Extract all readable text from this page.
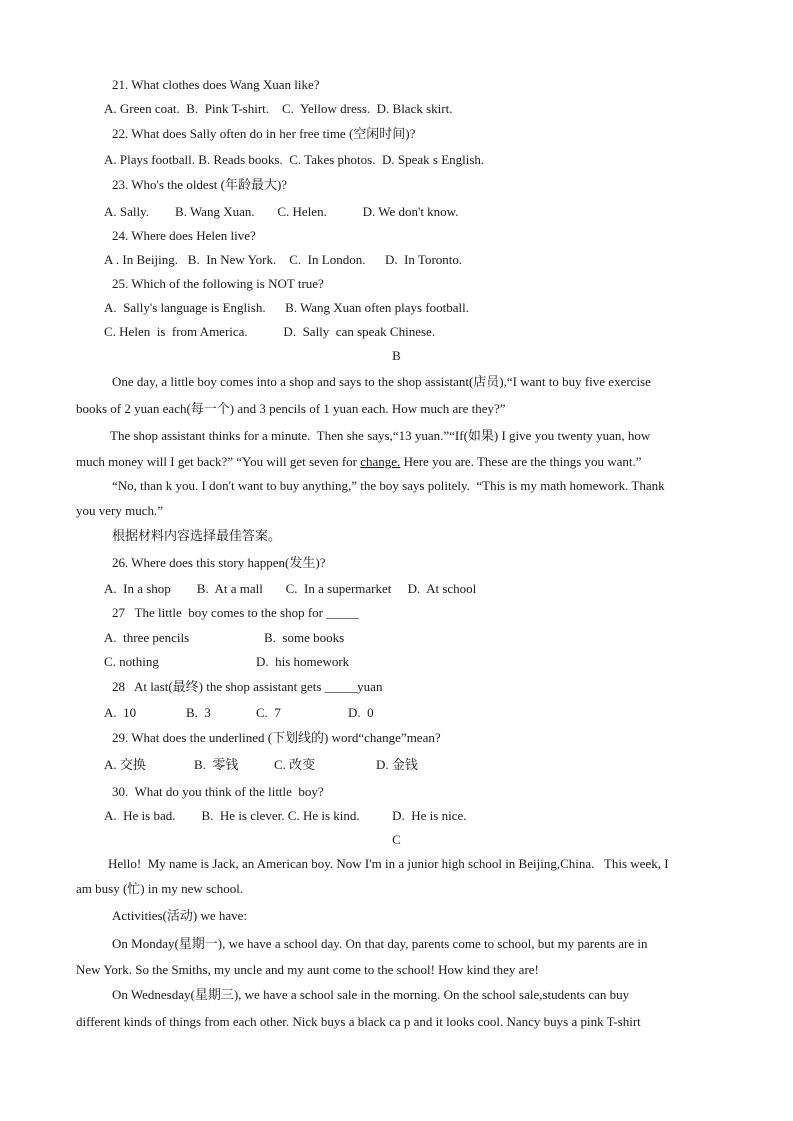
21. What clothes does Wang Xuan like?
A. Green coat.  B.  Pink T-shirt.    C.  Yellow dress.  D. Black skirt.
22. What does Sally often do in her free time (空闲时间)?
A. Plays football. B. Reads books.  C. Takes photos.  D. Speak s English.
23. Who's the oldest (年龄最大)?
A. Sally.        B. Wang Xuan.       C. Helen.           D. We don't know.
24. Where does Helen live?
A . In Beijing.   B.  In New York.    C.  In London.      D.  In Toronto.
25. Which of the following is NOT true?
A.  Sally's language is English.      B. Wang Xuan often plays football.
C. Helen  is  from America.           D.  Sally  can speak Chinese.
B
One day, a little boy comes into a shop and says to the shop assistant(店员),“I want to buy five exercise
books of 2 yuan each(每一个) and 3 pencils of 1 yuan each. How much are they?”
The shop assistant thinks for a minute.  Then she says,“13 yuan.”“If(如果) I give you twenty yuan, how
much money will I get back?” “You will get seven for change. Here you are. These are the things you want.”
“No, than k you. I don't want to buy anything,” the boy says politely.  “This is my math homework. Thank
you very much.”
根据材料内容选择最佳答案。
26. Where does this story happen(发生)?
A.  In a shop        B.  At a mall       C.  In a supermarket     D.  At school
27   The little  boy comes to the shop for _____
A.  three pencils	B.  some books
C. nothing	D.  his homework
28   At last(最终) the shop assistant gets _____yuan
A.  10	B.  3	C.  7	D.  0
29. What does the underlined (下划线的) word“change”mean?
A. 交换	B.  零钱	C. 改变	D. 金钱
30.  What do you think of the little  boy?
A.  He is bad.        B.  He is clever. C. He is kind.          D.  He is nice.
C
Hello!  My name is Jack, an American boy. Now I'm in a junior high school in Beijing,China.   This week, I
am busy (忙) in my new school.
Activities(活动) we have:
On Monday(星期一), we have a school day. On that day, parents come to school, but my parents are in
New York. So the Smiths, my uncle and my aunt come to the school! How kind they are!
On Wednesday(星期三), we have a school sale in the morning. On the school sale,students can buy
different kinds of things from each other. Nick buys a black ca p and it looks cool. Nancy buys a pink T-shirt
